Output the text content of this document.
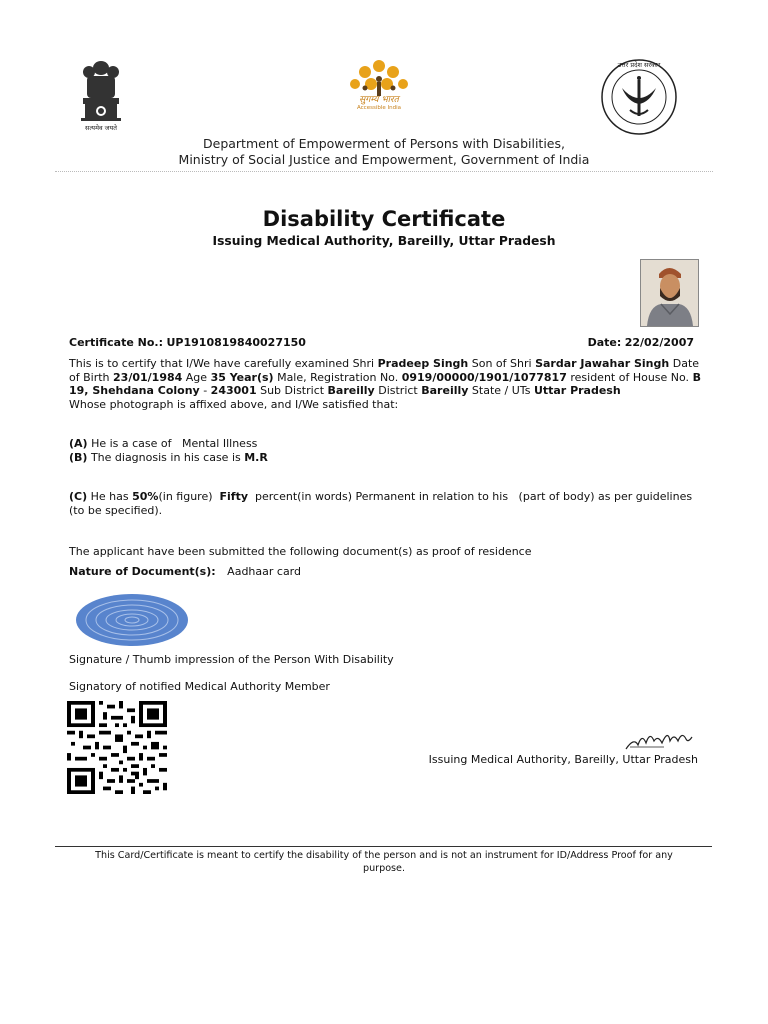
सत्यमेव जयते
सुगम्य भारत
Accessible India
उत्तर प्रदेश सरकार
Department of Empowerment of Persons with Disabilities,
Ministry of Social Justice and Empowerment, Government of India
Disability Certificate
Issuing Medical Authority, Bareilly, Uttar Pradesh
Certificate No.: UP1910819840027150	Date: 22/02/2007
This is to certify that I/We have carefully examined Shri Pradeep Singh Son of Shri Sardar Jawahar Singh Date of Birth 23/01/1984 Age 35 Year(s) Male, Registration No. 0919/00000/1901/1077817 resident of House No. B 19, Shehdana Colony - 243001 Sub District Bareilly District Bareilly State / UTs Uttar Pradesh
Whose photograph is affixed above, and I/We satisfied that:
(A) He is a case of   Mental Illness
(B) The diagnosis in his case is M.R
(C) He has 50%(in figure)  Fifty  percent(in words) Permanent in relation to his   (part of body) as per guidelines (to be specified).
The applicant have been submitted the following document(s) as proof of residence
Nature of Document(s): Aadhaar card
Signature / Thumb impression of the Person With Disability
Signatory of notified Medical Authority Member
Issuing Medical Authority, Bareilly, Uttar Pradesh
This Card/Certificate is meant to certify the disability of the person and is not an instrument for ID/Address Proof for any purpose.
